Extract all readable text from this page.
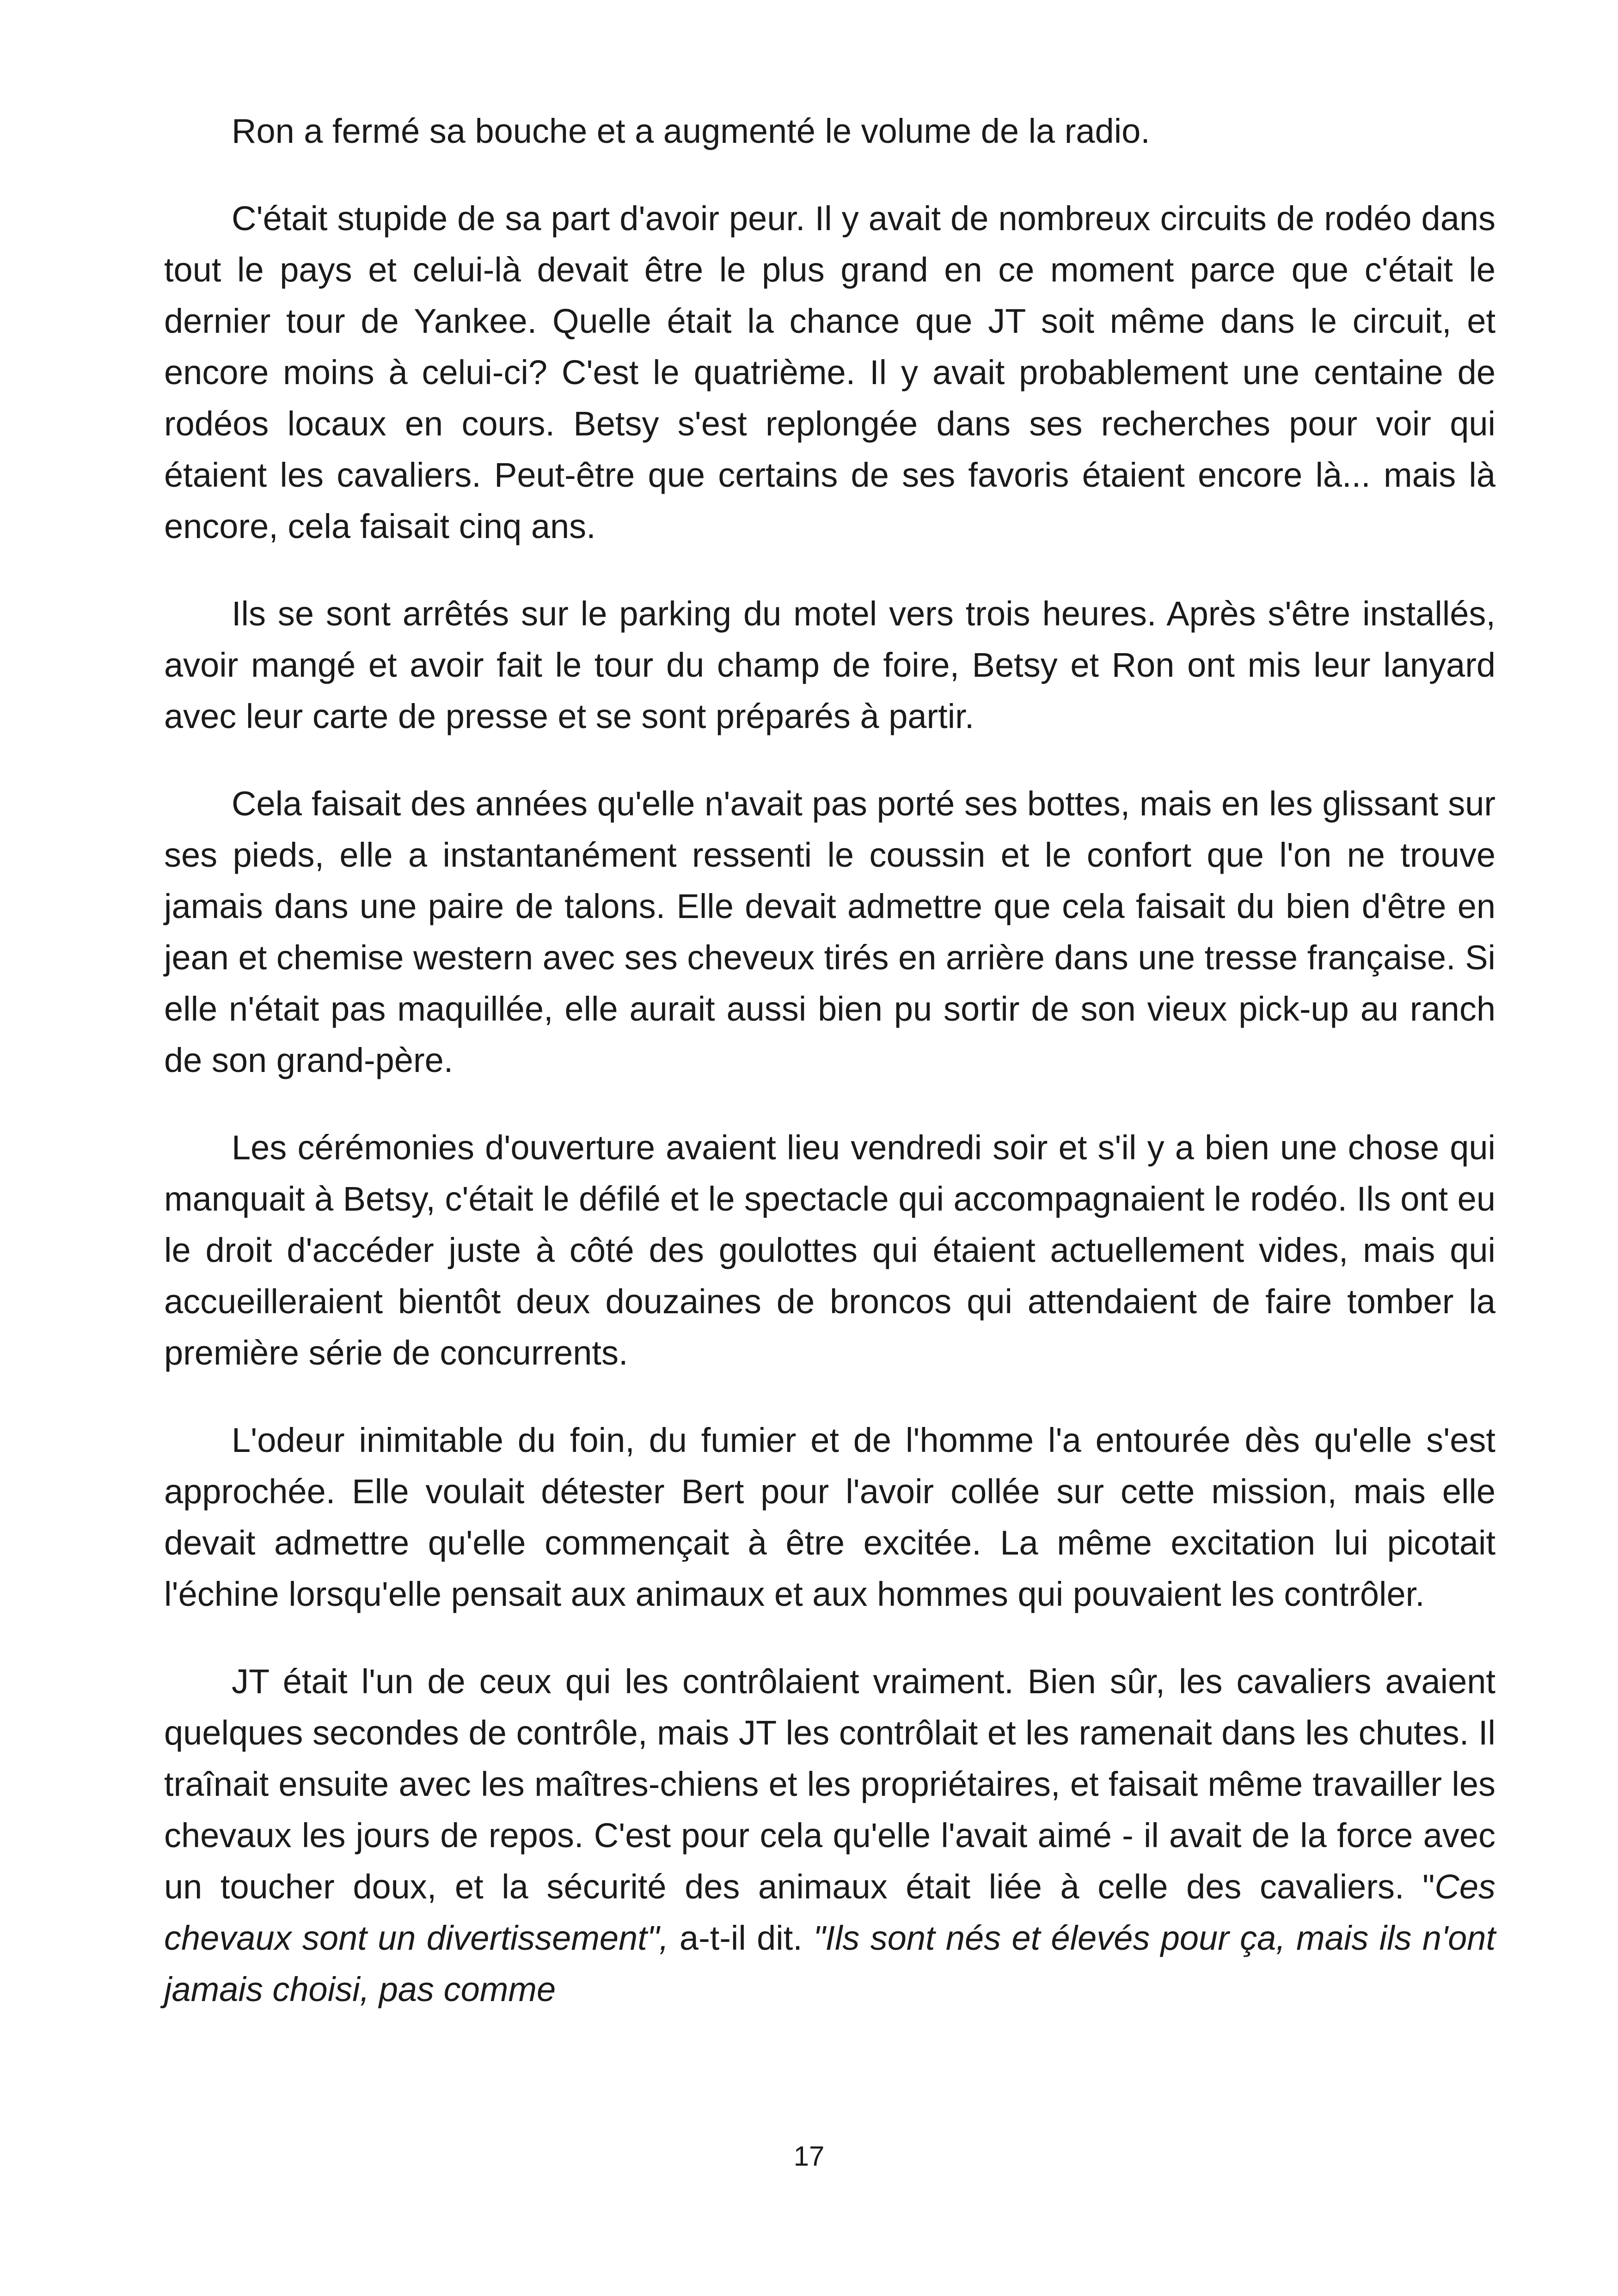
Ron a fermé sa bouche et a augmenté le volume de la radio.

C'était stupide de sa part d'avoir peur. Il y avait de nombreux circuits de rodéo dans tout le pays et celui-là devait être le plus grand en ce moment parce que c'était le dernier tour de Yankee. Quelle était la chance que JT soit même dans le circuit, et encore moins à celui-ci? C'est le quatrième. Il y avait probablement une centaine de rodéos locaux en cours. Betsy s'est replongée dans ses recherches pour voir qui étaient les cavaliers. Peut-être que certains de ses favoris étaient encore là... mais là encore, cela faisait cinq ans.

Ils se sont arrêtés sur le parking du motel vers trois heures. Après s'être installés, avoir mangé et avoir fait le tour du champ de foire, Betsy et Ron ont mis leur lanyard avec leur carte de presse et se sont préparés à partir.

Cela faisait des années qu'elle n'avait pas porté ses bottes, mais en les glissant sur ses pieds, elle a instantanément ressenti le coussin et le confort que l'on ne trouve jamais dans une paire de talons. Elle devait admettre que cela faisait du bien d'être en jean et chemise western avec ses cheveux tirés en arrière dans une tresse française. Si elle n'était pas maquillée, elle aurait aussi bien pu sortir de son vieux pick-up au ranch de son grand-père.

Les cérémonies d'ouverture avaient lieu vendredi soir et s'il y a bien une chose qui manquait à Betsy, c'était le défilé et le spectacle qui accompagnaient le rodéo. Ils ont eu le droit d'accéder juste à côté des goulottes qui étaient actuellement vides, mais qui accueilleraient bientôt deux douzaines de broncos qui attendaient de faire tomber la première série de concurrents.

L'odeur inimitable du foin, du fumier et de l'homme l'a entourée dès qu'elle s'est approchée. Elle voulait détester Bert pour l'avoir collée sur cette mission, mais elle devait admettre qu'elle commençait à être excitée. La même excitation lui picotait l'échine lorsqu'elle pensait aux animaux et aux hommes qui pouvaient les contrôler.

JT était l'un de ceux qui les contrôlaient vraiment. Bien sûr, les cavaliers avaient quelques secondes de contrôle, mais JT les contrôlait et les ramenait dans les chutes. Il traînait ensuite avec les maîtres-chiens et les propriétaires, et faisait même travailler les chevaux les jours de repos. C'est pour cela qu'elle l'avait aimé - il avait de la force avec un toucher doux, et la sécurité des animaux était liée à celle des cavaliers. "Ces chevaux sont un divertissement", a-t-il dit. "Ils sont nés et élevés pour ça, mais ils n'ont jamais choisi, pas comme

17
